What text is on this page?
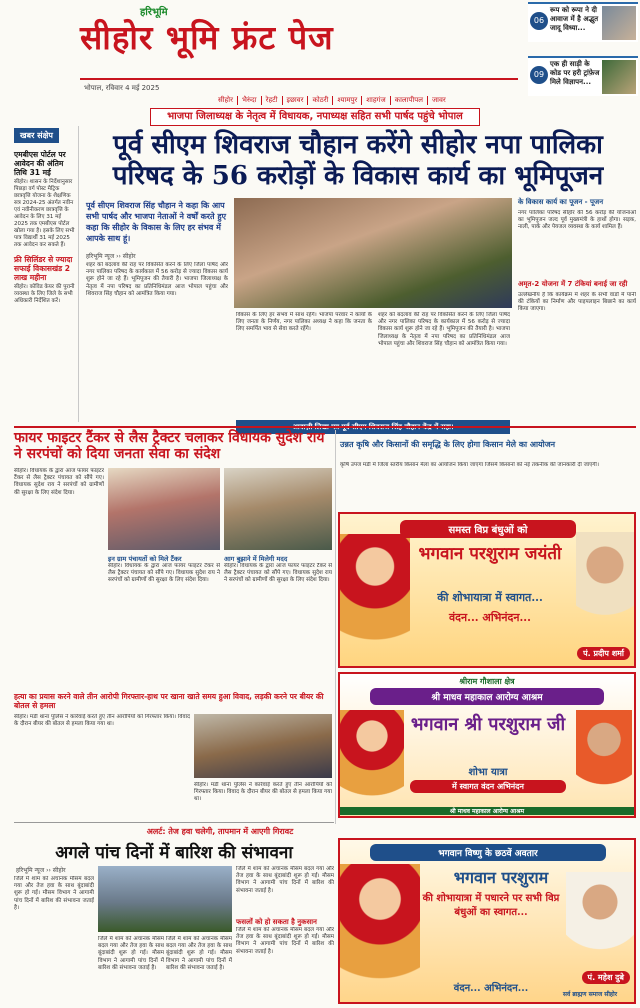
हरिभूमि
सीहोर भूमि फ्रंट पेज
भोपाल, रविवार 4 मई 2025
सीहोर	भैरुंदा	रेहटी	इछावर	कोठरी	श्यामपुर	शाहगंज	कालापीपल	जावर
06
रूप को रूपा ने दी आवाज में है अद्भुत जादू विध्या...
09
एक ही साड़ी के कोड पर हरी ट्रांफ़ेज मिले विज्ञापन...
खबर संक्षेप
एमबीएस पोर्टल पर आवेदन की अंतिम तिथि 31 मई

सीहोर। शासन के निर्देशानुसार पिछड़ा वर्ग पोस्ट मैट्रिक छात्रवृत्ति योजना के शैक्षणिक सत्र 2024-25 अंतर्गत नवीन एवं नवीनीकरण छात्रवृत्ति के आवेदन के लिए 31 मई 2025 तक एमबीएस पोर्टल खोला गया है। इसके लिए सभी पात्र विद्यार्थी 31 मई 2025 तक आवेदन कर सकते हैं।

फ्री सिलिंडर से ज्यादा सफाई विकासखंड 2 लाख महीना

सीहोर। कोविड केयर की पुरानी व्यवस्था के लिए जिले के सभी अधिकारी निर्देशित करें।

भाजपा जिलाध्यक्ष के नेतृत्व में विधायक, नपाध्यक्ष सहित सभी पार्षद पहुंचे भोपाल
पूर्व सीएम शिवराज चौहान करेंगे सीहोर नपा पालिका परिषद के 56 करोड़ों के विकास कार्य का भूमिपूजन
पूर्व सीएम शिवराज सिंह चौहान ने कहा कि आप सभी पार्षद और भाजपा नेताओं ने वर्षों करते हुए कहा कि सीहोर के विकास के लिए हर संभव में आपके साथ हूं।
हरिभूमि न्यूज ›› सीहोर
शहर को बदलाव की राह पर विकसित करने के लिए जिला पार्षद और नगर पालिका परिषद के कार्यकाल में 56 करोड़ से ज्यादा विकास कार्य शुरू होने जा रहे हैं। भूमिपूजन की तैयारी है। भाजपा जिलाध्यक्ष के नेतृत्व में नपा परिषद का प्रतिनिधिमंडल आज भोपाल पहुंचा और शिवराज सिंह चौहान को आमंत्रित किया गया।
विकास के लिए हर संभव में साथ रहेंगे। भाजपा परवार ने कार्यों के लिए जनता के निर्णय, नगर पालिका अध्यक्ष ने कहा कि जनता के लिए समर्पित भाव से सेवा करते रहेंगे।
शहर को बदलाव की राह पर विकसित करने के लिए जिला पार्षद और नगर पालिका परिषद के कार्यकाल में 56 करोड़ से ज्यादा विकास कार्य शुरू होने जा रहे हैं। भूमिपूजन की तैयारी है। भाजपा जिलाध्यक्ष के नेतृत्व में नपा परिषद का प्रतिनिधिमंडल आज भोपाल पहुंचा और शिवराज सिंह चौहान को आमंत्रित किया गया।
के विकास कार्य का पूजन - पूजन
नगर पालिका परिषद सीहोर की 56 करोड़ की योजनाओं का भूमिपूजन जल्द पूर्व मुख्यमंत्री के हाथों होगा। सड़क, नाली, पार्क और पेयजल व्यवस्था के कार्य शामिल हैं।
अमृत-2 योजना में 7 टंकियां बनाई जा रही
उल्लेखनीय है कि कार्यक्रम में शहर के सभी वार्डों में पानी की टंकियों का निर्माण और पाइपलाइन बिछाने का कार्य किया जाएगा।
फायर फाइटर टैंकर से लैस ट्रैक्टर चलाकर विधायक सुदेश राय ने सरपंचों को दिया जनता सेवा का संदेश
सीहोर। विधायक के द्वारा आज फायर फाइटर टैंकर से लैस ट्रैक्टर पंचायत को सौंपे गए। विधायक सुदेश राय ने सरपंचों को ग्रामीणों की सुरक्षा के लिए संदेश दिया।
इन ग्राम पंचायतों को मिले टैंकर
सीहोर। विधायक के द्वारा आज फायर फाइटर टैंकर से लैस ट्रैक्टर पंचायत को सौंपे गए। विधायक सुदेश राय ने सरपंचों को ग्रामीणों की सुरक्षा के लिए संदेश दिया।
आग बुझाने में मिलेगी मदद
सीहोर। विधायक के द्वारा आज फायर फाइटर टैंकर से लैस ट्रैक्टर पंचायत को सौंपे गए। विधायक सुदेश राय ने सरपंचों को ग्रामीणों की सुरक्षा के लिए संदेश दिया।
उन्नत कृषि और किसानों की समृद्धि के लिए होगा किसान मेले का आयोजन
कृषि उपज मंडी में जिला स्तरीय किसान मेला का आयोजन किया जाएगा जिसमें किसानों को नई तकनीक की जानकारी दी जाएगी।
समस्त विप्र बंधुओं को
भगवान परशुराम जयंती
की शोभायात्रा में स्वागत...
वंदन... अभिनंदन...
पं. प्रदीप शर्मा
श्रीराम गौशाला क्षेत्र
श्री माधव महाकाल आरोग्य आश्रम
भगवान श्री परशुराम जी
शोभा यात्रा
में स्वागत वंदन अभिनंदन
श्री माधव महाकाल आरोग्य आश्रम
भगवान विष्णु के छठवें अवतार
भगवान परशुराम
की शोभायात्रा में पधारने पर सभी विप्र बंधुओं का स्वागत...
वंदन... अभिनंदन...
पं. महेश दुबे
सर्व ब्राह्मण समाज सीहोर
हत्या का प्रयास करने वाले तीन आरोपी गिरफ्तार-हाथ पर खाना खाते समय हुआ विवाद, लड़की करने पर बीयर की बोतल से हमला
सीहोर। मंडी थाना पुलिस ने कार्रवाई करते हुए तीन आरोपियों को गिरफ्तार किया। विवाद के दौरान बीयर की बोतल से हमला किया गया था।
सीहोर। मंडी थाना पुलिस ने कार्रवाई करते हुए तीन आरोपियों को गिरफ्तार किया। विवाद के दौरान बीयर की बोतल से हमला किया गया था।
अलर्ट: तेज हवा चलेगी, तापमान में आएगी गिरावट
अगले पांच दिनों में बारिश की संभावना
हरिभूमि न्यूज ›› सीहोर
जिले में शाम को अचानक मौसम बदल गया और तेज हवा के साथ बूंदाबांदी शुरू हो गई। मौसम विभाग ने आगामी पांच दिनों में बारिश की संभावना जताई है।
जिले में शाम को अचानक मौसम बदल गया और तेज हवा के साथ बूंदाबांदी शुरू हो गई। मौसम विभाग ने आगामी पांच दिनों में बारिश की संभावना जताई है।
जिले में शाम को अचानक मौसम बदल गया और तेज हवा के साथ बूंदाबांदी शुरू हो गई। मौसम विभाग ने आगामी पांच दिनों में बारिश की संभावना जताई है।
जिले में शाम को अचानक मौसम बदल गया और तेज हवा के साथ बूंदाबांदी शुरू हो गई। मौसम विभाग ने आगामी पांच दिनों में बारिश की संभावना जताई है।
फसलों को हो सकता है नुकसान
जिले में शाम को अचानक मौसम बदल गया और तेज हवा के साथ बूंदाबांदी शुरू हो गई। मौसम विभाग ने आगामी पांच दिनों में बारिश की संभावना जताई है।
